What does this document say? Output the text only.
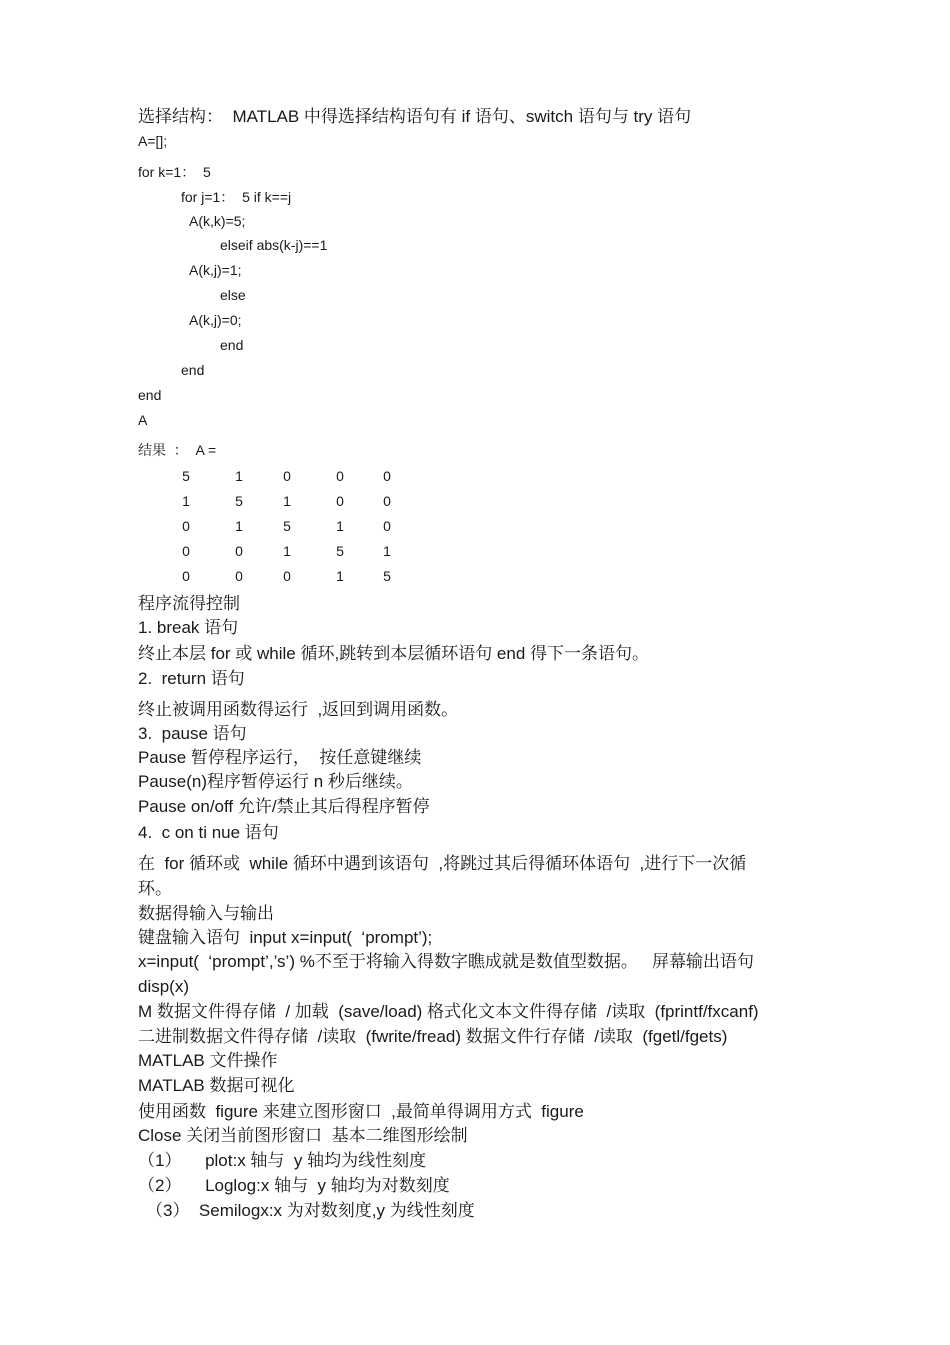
选择结构：  MATLAB 中得选择结构语句有 if 语句、switch 语句与 try 语句
A=[];
for k=1：  5
for j=1：  5 if k==j
A(k,k)=5;
elseif abs(k-j)==1
A(k,j)=1;
else
A(k,j)=0;
end
end
end
A
结果  ：  A =
5	1	0	0	0
1	5	1	0	0
0	1	5	1	0
0	0	1	5	1
0	0	0	1	5
程序流得控制
1. break 语句
终止本层 for 或 while 循环,跳转到本层循环语句 end 得下一条语句。
2.  return 语句
终止被调用函数得运行  ,返回到调用函数。
3.  pause 语句
Pause 暂停程序运行，  按任意键继续
Pause(n)程序暂停运行 n 秒后继续。
Pause on/off 允许/禁止其后得程序暂停
4.  c on ti nue 语句
在  for 循环或  while 循环中遇到该语句  ,将跳过其后得循环体语句  ,进行下一次循
环。
数据得输入与输出
键盘输入语句  input x=input(  ‘prompt’);
x=input(  ‘prompt’,’s’) %不至于将输入得数字瞧成就是数值型数据。   屏幕输出语句
disp(x)
M 数据文件得存储  / 加载  (save/load) 格式化文本文件得存储  /读取  (fprintf/fxcanf)
二进制数据文件得存储  /读取  (fwrite/fread) 数据文件行存储  /读取  (fgetl/fgets)
MATLAB 文件操作
MATLAB 数据可视化
使用函数  figure 来建立图形窗口  ,最简单得调用方式  figure
Close 关闭当前图形窗口  基本二维图形绘制
（1）     plot:x 轴与  y 轴均为线性刻度
（2）     Loglog:x 轴与  y 轴均为对数刻度
（3）  Semilogx:x 为对数刻度,y 为线性刻度
